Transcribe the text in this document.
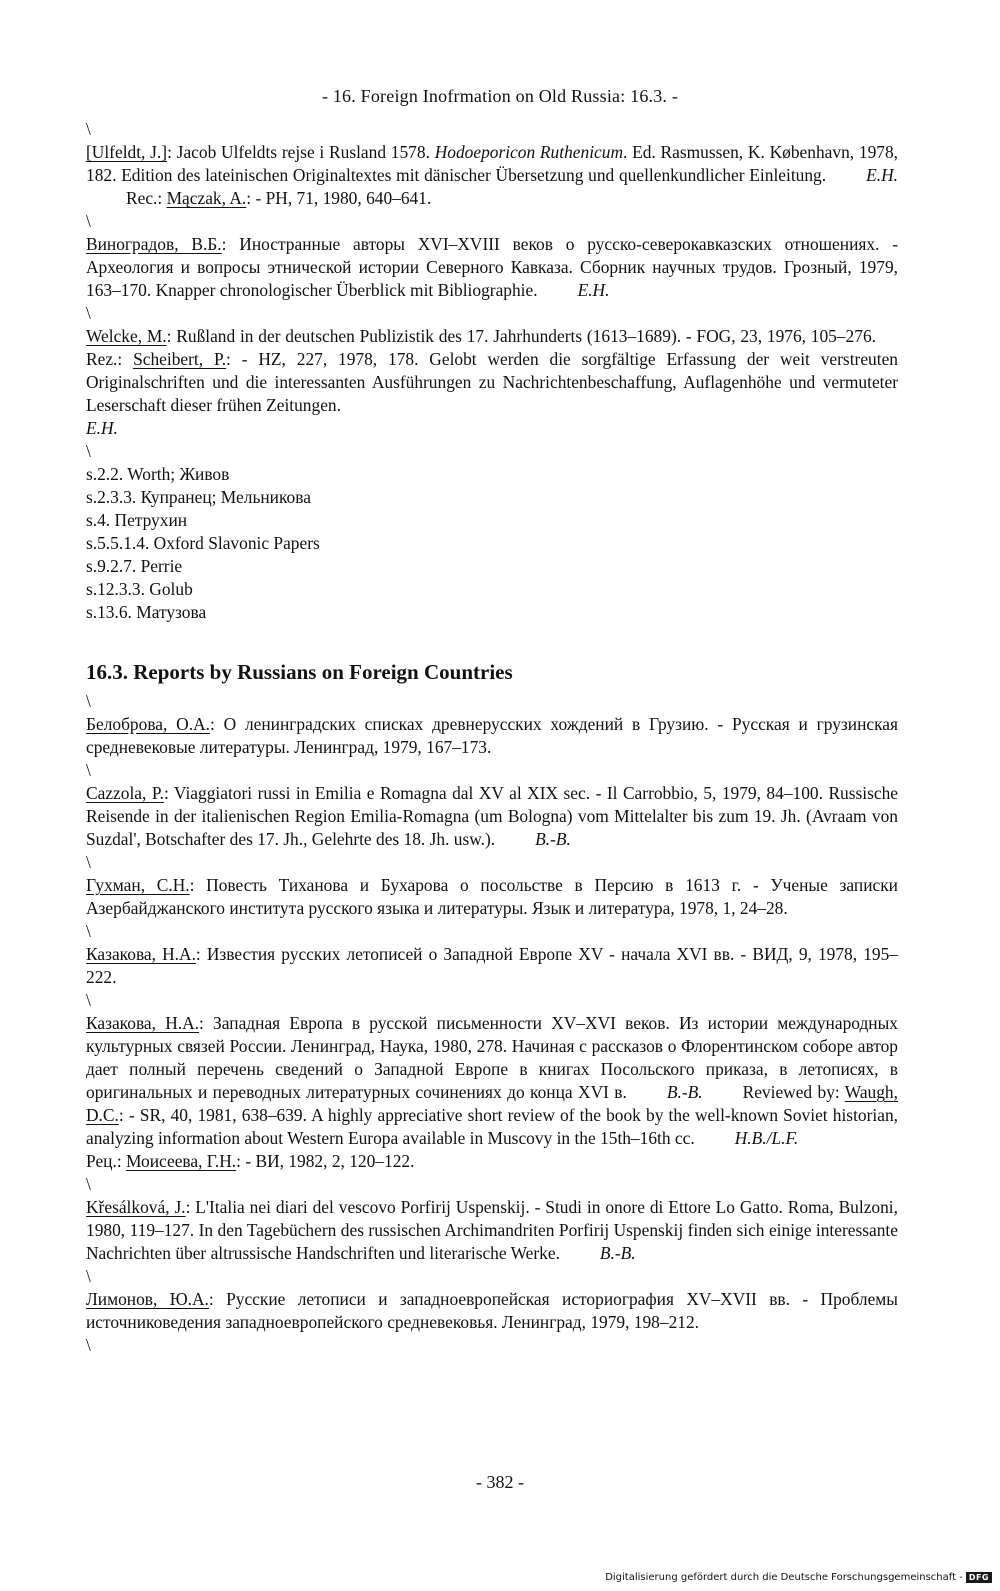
- 16. Foreign Inofrmation on Old Russia: 16.3. -
\

[Ulfeldt, J.]: Jacob Ulfeldts rejse i Rusland 1578. Hodoeporicon Ruthenicum. Ed. Rasmussen, K. København, 1978, 182. Edition des lateinischen Originaltextes mit dänischer Übersetzung und quellenkundlicher Einleitung. E.H.Rec.: Mączak, A.: - PH, 71, 1980, 640–641.

\

Виноградов, В.Б.: Иностранные авторы XVI–XVIII веков о русско-северокавказских отношениях. - Археология и вопросы этнической истории Северного Кавказа. Сборник научных трудов. Грозный, 1979, 163–170. Knapper chronologischer Überblick mit Bibliographie. E.H.

\

Welcke, M.: Rußland in der deutschen Publizistik des 17. Jahrhunderts (1613–1689). - FOG, 23, 1976, 105–276.Rez.: Scheibert, P.: - HZ, 227, 1978, 178. Gelobt werden die sorgfältige Erfassung der weit verstreuten Originalschriften und die interessanten Ausführungen zu Nachrichtenbeschaffung, Auflagenhöhe und vermuteter Leserschaft dieser frühen Zeitungen.
E.H.

\
s.2.2. Worth; Живов
s.2.3.3. Купранец; Мельникова
s.4. Петрухин
s.5.5.1.4. Oxford Slavonic Papers
s.9.2.7. Perrie
s.12.3.3. Golub
s.13.6. Матузова
16.3. Reports by Russians on Foreign Countries
\

Белоброва, О.А.: О ленинградских списках древнерусских хождений в Грузию. - Русская и грузинская средневековые литературы. Ленинград, 1979, 167–173.

\

Cazzola, P.: Viaggiatori russi in Emilia e Romagna dal XV al XIX sec. - Il Carrobbio, 5, 1979, 84–100. Russische Reisende in der italienischen Region Emilia-Romagna (um Bologna) vom Mittelalter bis zum 19. Jh. (Avraam von Suzdal', Botschafter des 17. Jh., Gelehrte des 18. Jh. usw.). B.-B.

\

Гухман, С.Н.: Повесть Тиханова и Бухарова о посольстве в Персию в 1613 г. - Ученые записки Азербайджанского института русского языка и литературы. Язык и литература, 1978, 1, 24–28.

\

Казакова, Н.А.: Известия русских летописей о Западной Европе XV - начала XVI вв. - ВИД, 9, 1978, 195–222.

\

Казакова, Н.А.: Западная Европа в русской письменности XV–XVI веков. Из истории международных культурных связей России. Ленинград, Наука, 1980, 278. Начиная с рассказов о Флорентинском соборе автор дает полный перечень сведений о Западной Европе в книгах Посольского приказа, в летописях, в оригинальных и переводных литературных сочинениях до конца XVI в. B.-B. Reviewed by: Waugh, D.C.: - SR, 40, 1981, 638–639. A highly appreciative short review of the book by the well-known Soviet historian, analyzing information about Western Europa available in Muscovy in the 15th–16th cc. H.B./L.F.
Рец.: Моисеева, Г.Н.: - ВИ, 1982, 2, 120–122.

\

Křesálková, J.: L'Italia nei diari del vescovo Porfirij Uspenskij. - Studi in onore di Ettore Lo Gatto. Roma, Bulzoni, 1980, 119–127. In den Tagebüchern des russischen Archimandriten Porfirij Uspenskij finden sich einige interessante Nachrichten über altrussische Handschriften und literarische Werke. B.-B.

\

Лимонов, Ю.А.: Русские летописи и западноевропейская историография XV–XVII вв. - Проблемы источниковедения западноевропейского средневековья. Ленинград, 1979, 198–212.

\
- 382 -
Digitalisierung gefördert durch die Deutsche Forschungsgemeinschaft - DFG
